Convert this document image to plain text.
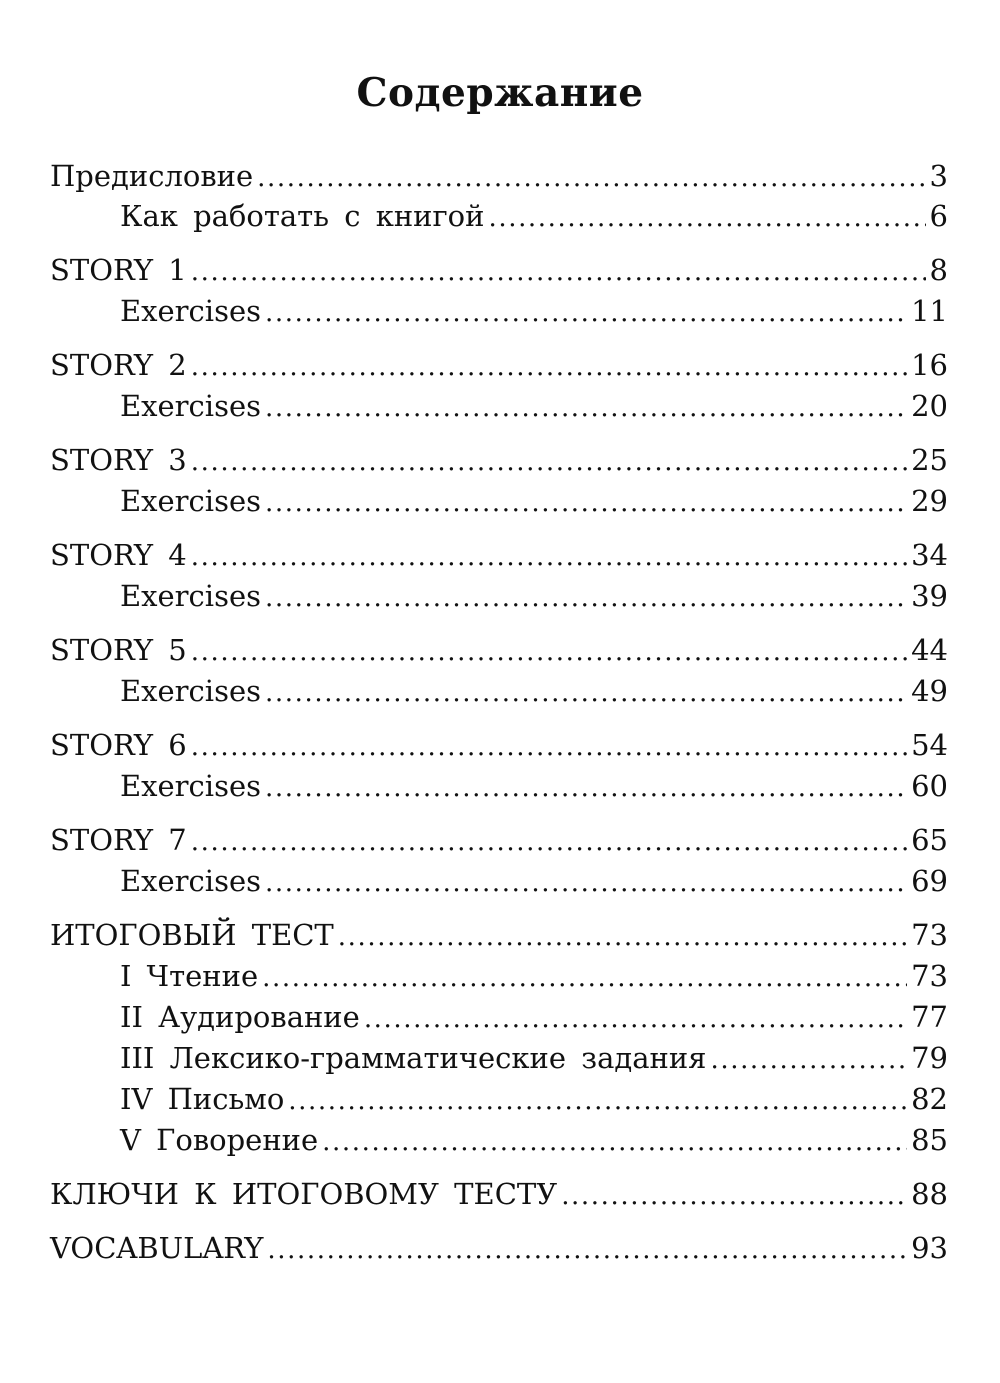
Содержание
Предисловие .....	3
Как работать с книгой .....	6
STORY 1 .....	8
Exercises .....	11
STORY 2 .....	16
Exercises .....	20
STORY 3 .....	25
Exercises .....	29
STORY 4 .....	34
Exercises .....	39
STORY 5 .....	44
Exercises .....	49
STORY 6 .....	54
Exercises .....	60
STORY 7 .....	65
Exercises .....	69
ИТОГОВЫЙ ТЕСТ .....	73
I Чтение .....	73
II Аудирование .....	77
III Лексико-грамматические задания .....	79
IV Письмо .....	82
V Говорение .....	85
КЛЮЧИ К ИТОГОВОМУ ТЕСТУ .....	88
VOCABULARY .....	93
